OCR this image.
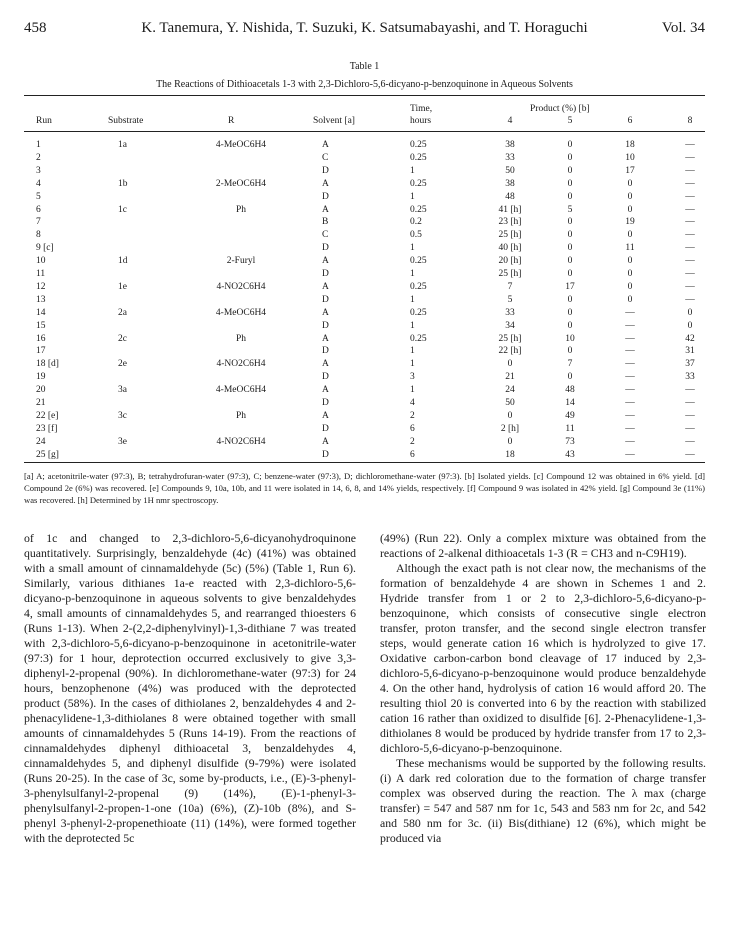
458	K. Tanemura, Y. Nishida, T. Suzuki, K. Satsumabayashi, and T. Horaguchi	Vol. 34
Table 1
The Reactions of Dithioacetals 1-3 with 2,3-Dichloro-5,6-dicyano-p-benzoquinone in Aqueous Solvents
Run	Substrate	R	Solvent [a]
Time,
hours
Product (%) [b]
4	5	6	8
1	1a	4-MeOC6H4	A	0.25	38	0	18	—
2	C	0.25	33	0	10	—
3	D	1	50	0	17	—
4	1b	2-MeOC6H4	A	0.25	38	0	0	—
5	D	1	48	0	0	—
6	1c	Ph	A	0.25	41 [h]	5	0	—
7	B	0.2	23 [h]	0	19	—
8	C	0.5	25 [h]	0	0	—
9 [c]	D	1	40 [h]	0	11	—
10	1d	2-Furyl	A	0.25	20 [h]	0	0	—
11	D	1	25 [h]	0	0	—
12	1e	4-NO2C6H4	A	0.25	7	17	0	—
13	D	1	5	0	0	—
14	2a	4-MeOC6H4	A	0.25	33	0	—	0
15	D	1	34	0	—	0
16	2c	Ph	A	0.25	25 [h]	10	—	42
17	D	1	22 [h]	0	—	31
18 [d]	2e	4-NO2C6H4	A	1	0	7	—	37
19	D	3	21	0	—	33
20	3a	4-MeOC6H4	A	1	24	48	—	—
21	D	4	50	14	—	—
22 [e]	3c	Ph	A	2	0	49	—	—
23 [f]	D	6	2 [h]	11	—	—
24	3e	4-NO2C6H4	A	2	0	73	—	—
25 [g]	D	6	18	43	—	—
[a] A; acetonitrile-water (97:3), B; tetrahydrofuran-water (97:3), C; benzene-water (97:3), D; dichloromethane-water (97:3). [b] Isolated yields. [c] Compound 12 was obtained in 6% yield. [d] Compound 2e (6%) was recovered. [e] Compounds 9, 10a, 10b, and 11 were isolated in 14, 6, 8, and 14% yields, respectively. [f] Compound 9 was isolated in 42% yield. [g] Compound 3e (11%) was recovered. [h] Determined by 1H nmr spectroscopy.

of 1c and changed to 2,3-dichloro-5,6-dicyanohydroquinone quantitatively. Surprisingly, benzaldehyde (4c) (41%) was obtained with a small amount of cinnamaldehyde (5c) (5%) (Table 1, Run 6). Similarly, various dithianes 1a-e reacted with 2,3-dichloro-5,6-dicyano-p-benzoquinone in aqueous solvents to give benzaldehydes 4, small amounts of cinnamaldehydes 5, and rearranged thioesters 6 (Runs 1-13). When 2-(2,2-diphenylvinyl)-1,3-dithiane 7 was treated with 2,3-dichloro-5,6-dicyano-p-benzoquinone in acetonitrile-water (97:3) for 1 hour, deprotection occurred exclusively to give 3,3-diphenyl-2-propenal (90%). In dichloromethane-water (97:3) for 24 hours, benzophenone (4%) was produced with the deprotected product (58%). In the cases of dithiolanes 2, benzaldehydes 4 and 2-phenacylidene-1,3-dithiolanes 8 were obtained together with small amounts of cinnamaldehydes 5 (Runs 14-19). From the reactions of cinnamaldehydes diphenyl dithioacetal 3, benzaldehydes 4, cinnamaldehydes 5, and diphenyl disulfide (9-79%) were isolated (Runs 20-25). In the case of 3c, some by-products, i.e., (E)-3-phenyl-3-phenylsulfanyl-2-propenal (9) (14%), (E)-1-phenyl-3-phenylsulfanyl-2-propen-1-one (10a) (6%), (Z)-10b (8%), and S-phenyl 3-phenyl-2-propenethioate (11) (14%), were formed together with the deprotected 5c

(49%) (Run 22). Only a complex mixture was obtained from the reactions of 2-alkenal dithioacetals 1-3 (R = CH3 and n-C9H19).

Although the exact path is not clear now, the mechanisms of the formation of benzaldehyde 4 are shown in Schemes 1 and 2. Hydride transfer from 1 or 2 to 2,3-dichloro-5,6-dicyano-p-benzoquinone, which consists of consecutive single electron transfer, proton transfer, and the second single electron transfer steps, would generate cation 16 which is hydrolyzed to give 17. Oxidative carbon-carbon bond cleavage of 17 induced by 2,3-dichloro-5,6-dicyano-p-benzoquinone would produce benzaldehyde 4. On the other hand, hydrolysis of cation 16 would afford 20. The resulting thiol 20 is converted into 6 by the reaction with stabilized cation 16 rather than oxidized to disulfide [6]. 2-Phenacylidene-1,3-dithiolanes 8 would be produced by hydride transfer from 17 to 2,3-dichloro-5,6-dicyano-p-benzoquinone.

These mechanisms would be supported by the following results. (i) A dark red coloration due to the formation of charge transfer complex was observed during the reaction. The λ max (charge transfer) = 547 and 587 nm for 1c, 543 and 583 nm for 2c, and 542 and 580 nm for 3c. (ii) Bis(dithiane) 12 (6%), which might be produced via
